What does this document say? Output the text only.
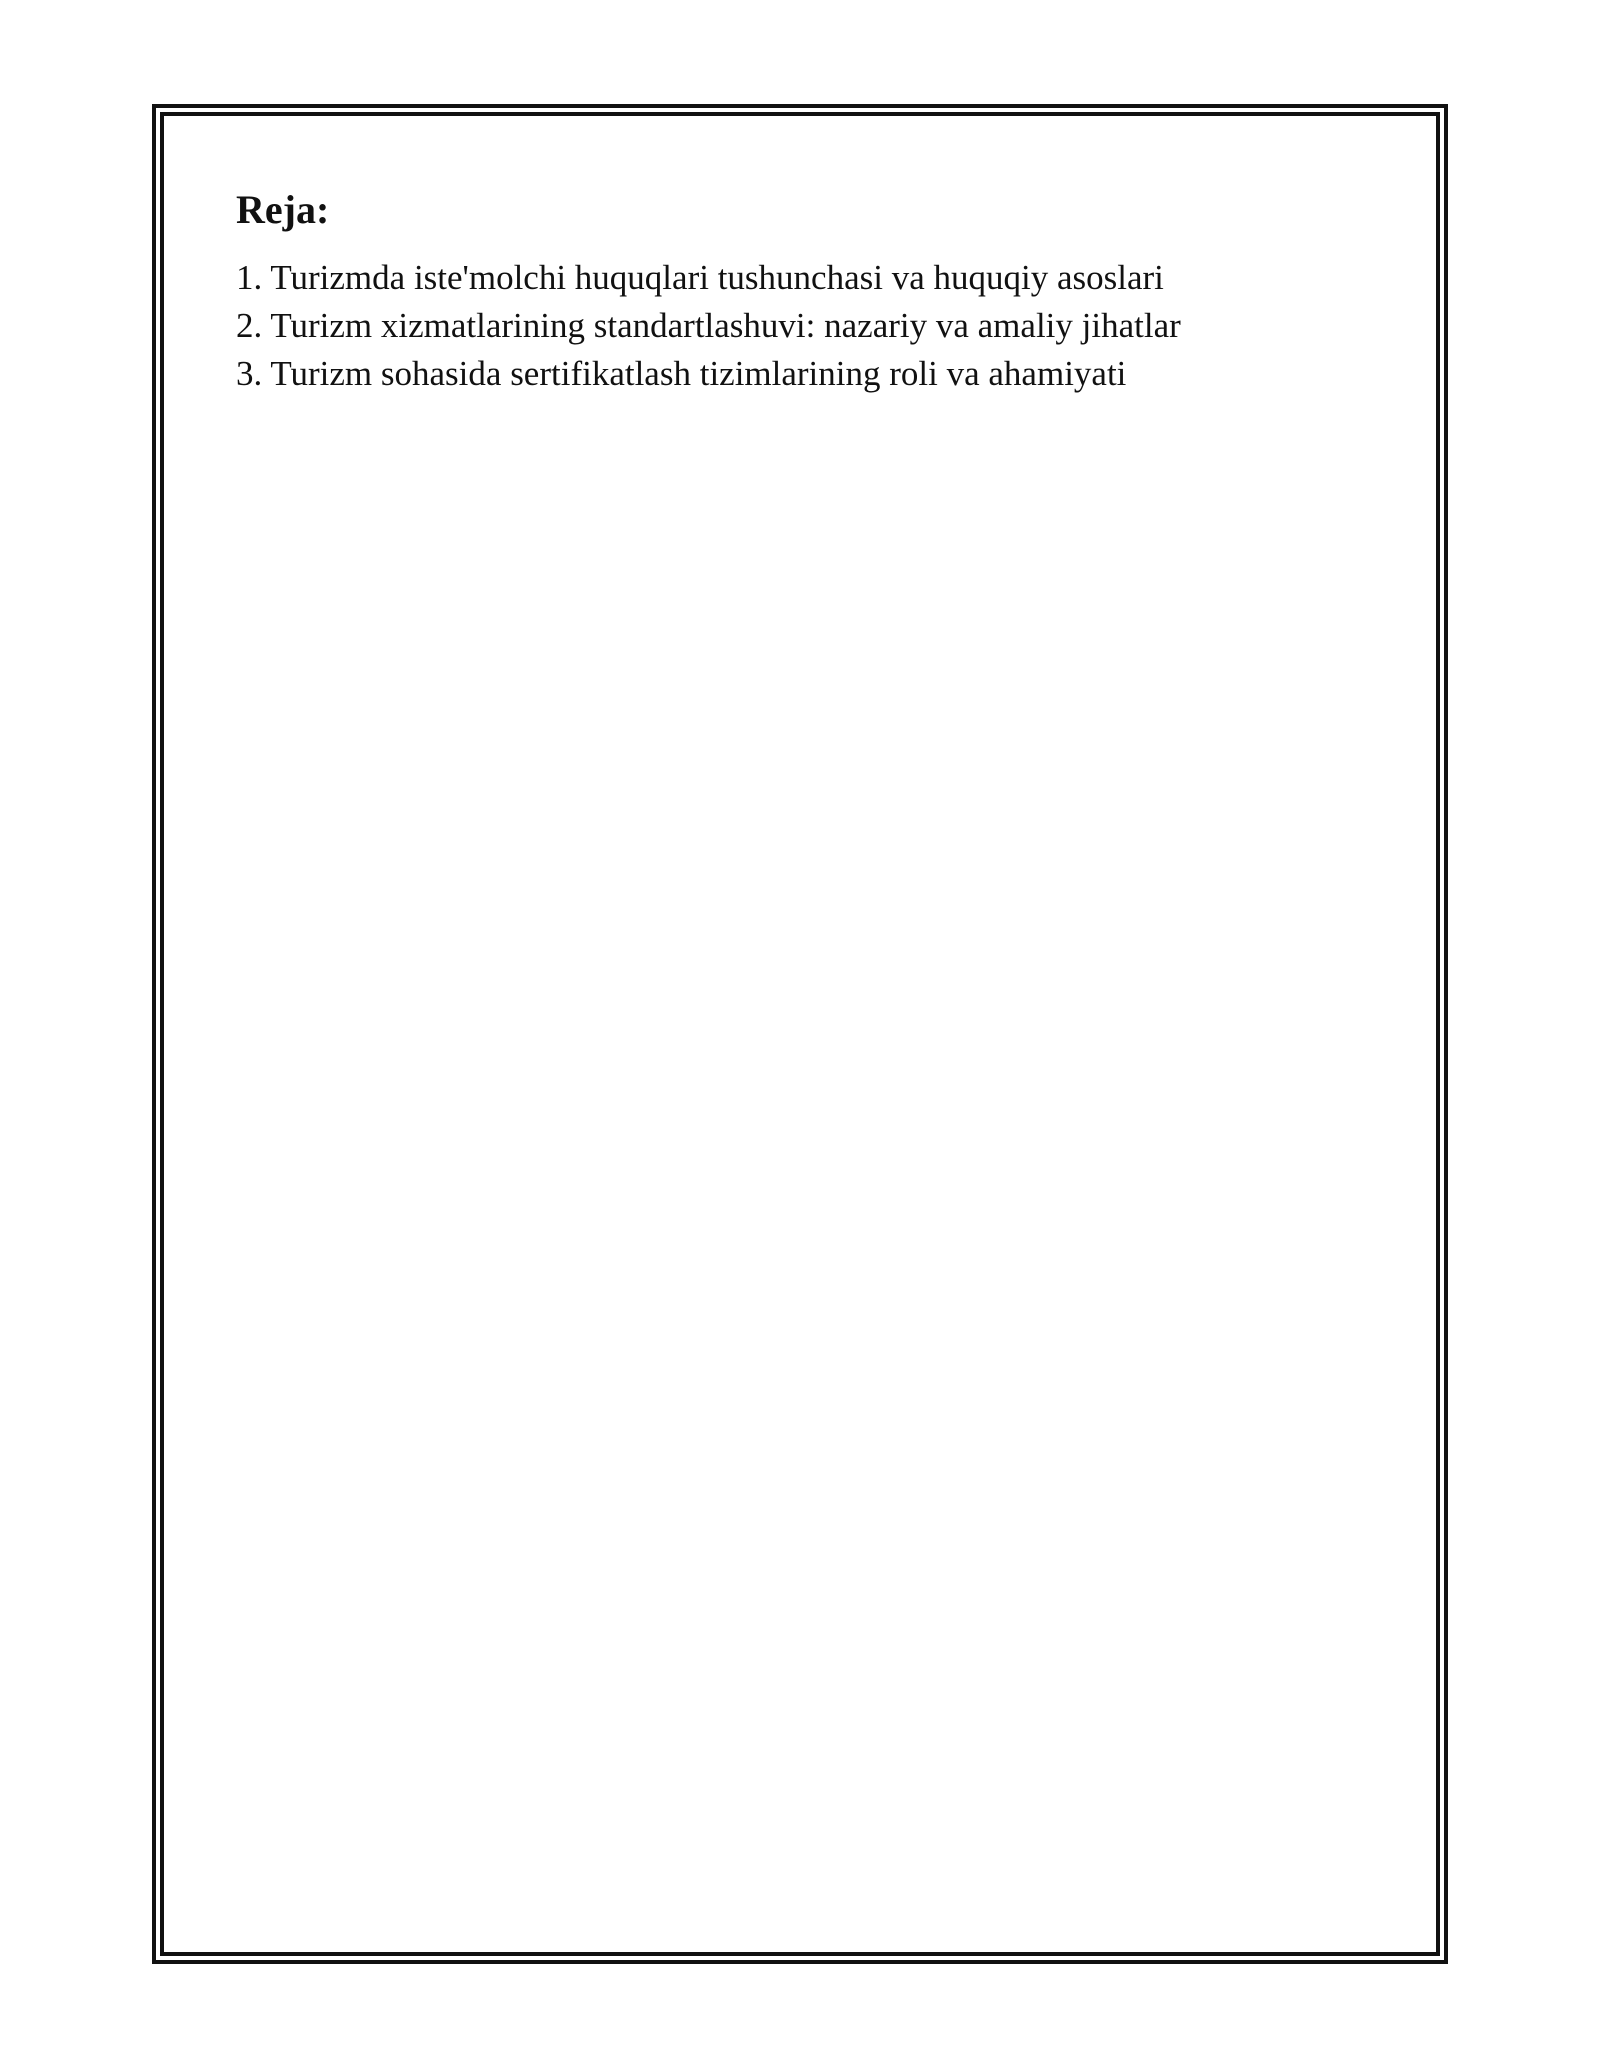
Reja:
1. Turizmda iste'molchi huquqlari tushunchasi va huquqiy asoslari
2. Turizm xizmatlarining standartlashuvi: nazariy va amaliy jihatlar
3. Turizm sohasida sertifikatlash tizimlarining roli va ahamiyati
